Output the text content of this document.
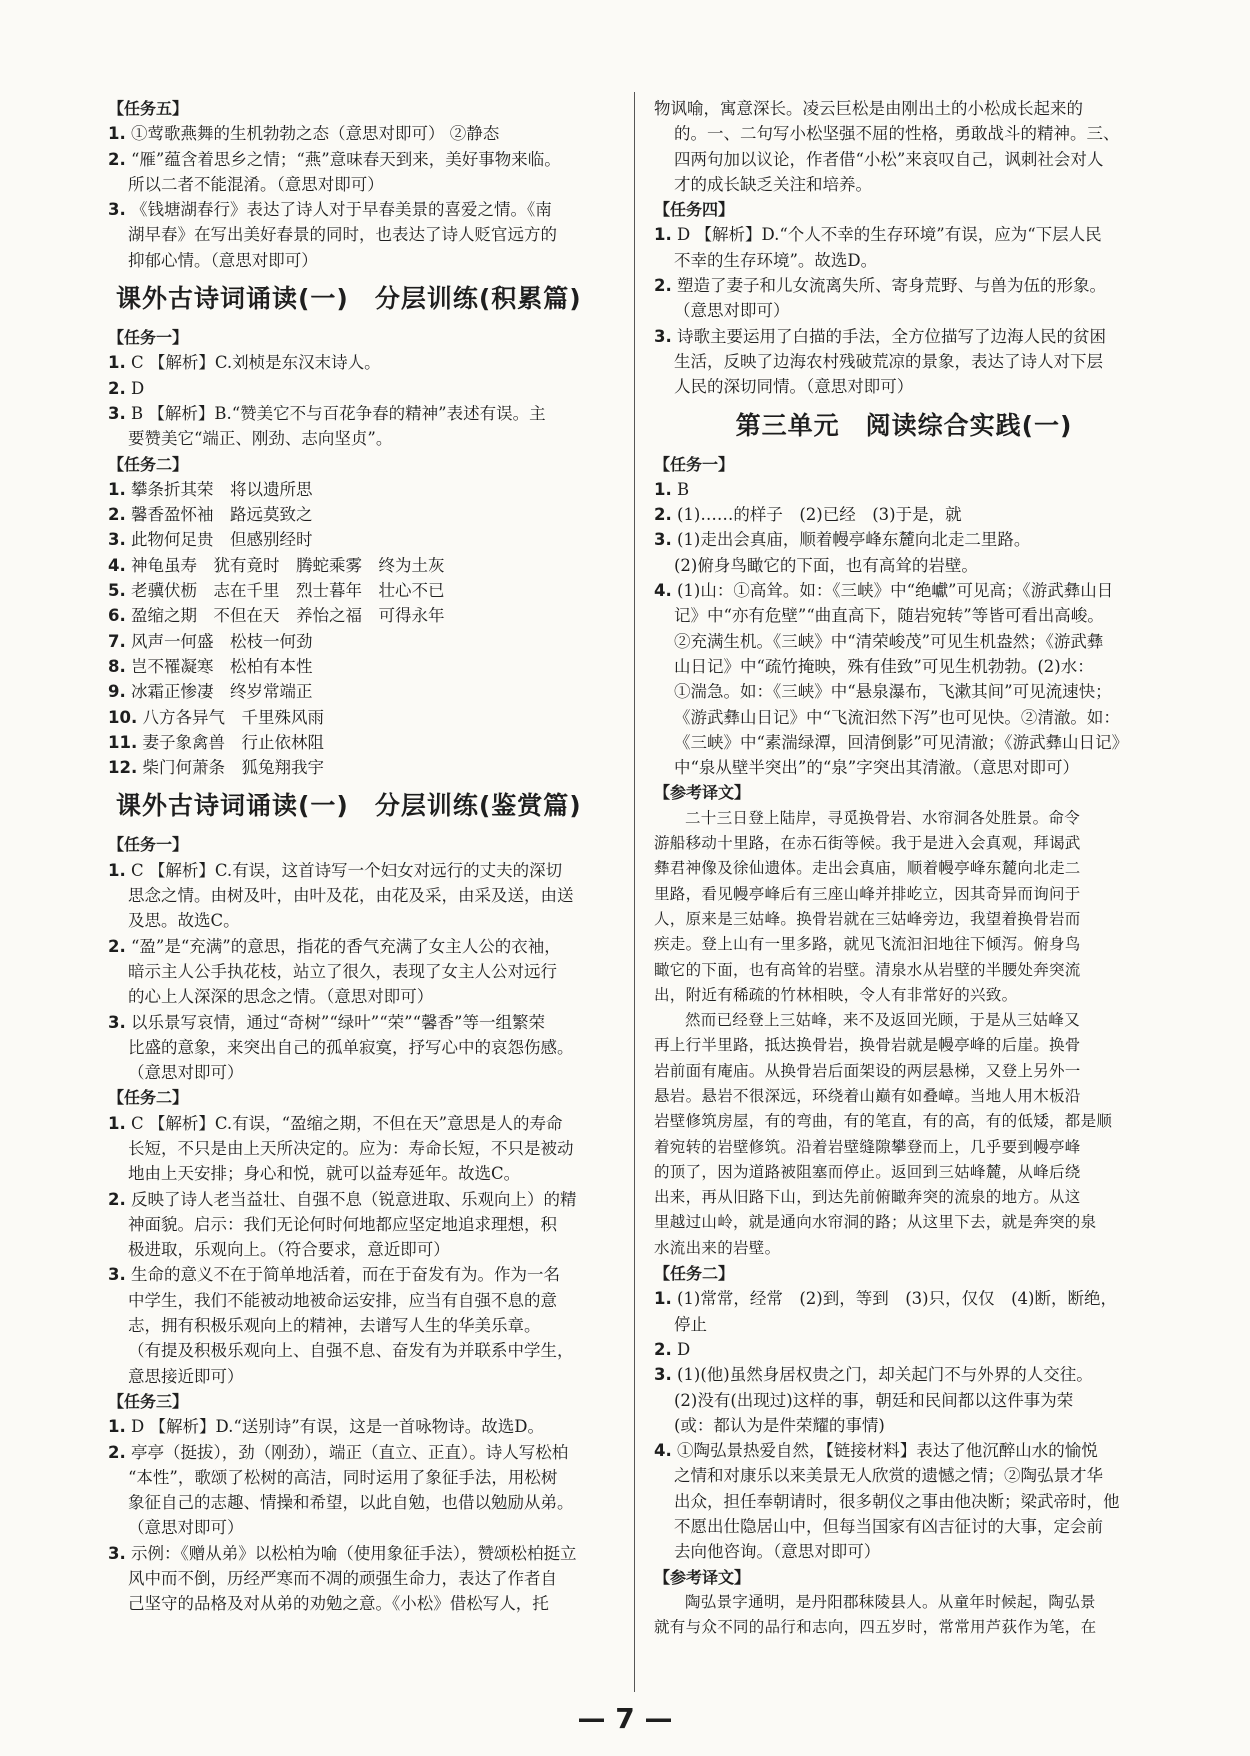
【任务五】
1. ①莺歌燕舞的生机勃勃之态（意思对即可） ②静态
2. “雁”蕴含着思乡之情；“燕”意味春天到来，美好事物来临。
所以二者不能混淆。（意思对即可）
3. 《钱塘湖春行》表达了诗人对于早春美景的喜爱之情。《南
湖早春》在写出美好春景的同时，也表达了诗人贬官远方的
抑郁心情。（意思对即可）
课外古诗词诵读(一)　分层训练(积累篇)
【任务一】
1. C 【解析】C.刘桢是东汉末诗人。
2. D
3. B 【解析】B.“赞美它不与百花争春的精神”表述有误。主
要赞美它“端正、刚劲、志向坚贞”。
【任务二】
1. 攀条折其荣　将以遗所思
2. 馨香盈怀袖　路远莫致之
3. 此物何足贵　但感别经时
4. 神龟虽寿　犹有竟时　腾蛇乘雾　终为土灰
5. 老骥伏枥　志在千里　烈士暮年　壮心不已
6. 盈缩之期　不但在天　养怡之福　可得永年
7. 风声一何盛　松枝一何劲
8. 岂不罹凝寒　松柏有本性
9. 冰霜正惨凄　终岁常端正
10. 八方各异气　千里殊风雨
11. 妻子象禽兽　行止依林阻
12. 柴门何萧条　狐兔翔我宇
课外古诗词诵读(一)　分层训练(鉴赏篇)
【任务一】
1. C 【解析】C.有误，这首诗写一个妇女对远行的丈夫的深切
思念之情。由树及叶，由叶及花，由花及采，由采及送，由送
及思。故选C。
2. “盈”是“充满”的意思，指花的香气充满了女主人公的衣袖，
暗示主人公手执花枝，站立了很久，表现了女主人公对远行
的心上人深深的思念之情。（意思对即可）
3. 以乐景写哀情，通过“奇树”“绿叶”“荣”“馨香”等一组繁荣
比盛的意象，来突出自己的孤单寂寞，抒写心中的哀怨伤感。
（意思对即可）
【任务二】
1. C 【解析】C.有误，“盈缩之期，不但在天”意思是人的寿命
长短，不只是由上天所决定的。应为：寿命长短，不只是被动
地由上天安排；身心和悦，就可以益寿延年。故选C。
2. 反映了诗人老当益壮、自强不息（锐意进取、乐观向上）的精
神面貌。启示：我们无论何时何地都应坚定地追求理想，积
极进取，乐观向上。（符合要求，意近即可）
3. 生命的意义不在于简单地活着，而在于奋发有为。作为一名
中学生，我们不能被动地被命运安排，应当有自强不息的意
志，拥有积极乐观向上的精神，去谱写人生的华美乐章。
（有提及积极乐观向上、自强不息、奋发有为并联系中学生，
意思接近即可）
【任务三】
1. D 【解析】D.“送别诗”有误，这是一首咏物诗。故选D。
2. 亭亭（挺拔），劲（刚劲），端正（直立、正直）。诗人写松柏
“本性”，歌颂了松树的高洁，同时运用了象征手法，用松树
象征自己的志趣、情操和希望，以此自勉，也借以勉励从弟。
（意思对即可）
3. 示例：《赠从弟》以松柏为喻（使用象征手法），赞颂松柏挺立
风中而不倒，历经严寒而不凋的顽强生命力，表达了作者自
己坚守的品格及对从弟的劝勉之意。《小松》借松写人，托
物讽喻，寓意深长。凌云巨松是由刚出土的小松成长起来的
的。一、二句写小松坚强不屈的性格，勇敢战斗的精神。三、
四两句加以议论，作者借“小松”来哀叹自己，讽刺社会对人
才的成长缺乏关注和培养。
【任务四】
1. D 【解析】D.“个人不幸的生存环境”有误，应为“下层人民
不幸的生存环境”。故选D。
2. 塑造了妻子和儿女流离失所、寄身荒野、与兽为伍的形象。
（意思对即可）
3. 诗歌主要运用了白描的手法，全方位描写了边海人民的贫困
生活，反映了边海农村残破荒凉的景象，表达了诗人对下层
人民的深切同情。（意思对即可）
第三单元　阅读综合实践(一)
【任务一】
1. B
2. (1)……的样子　(2)已经　(3)于是，就
3. (1)走出会真庙，顺着幔亭峰东麓向北走二里路。
(2)俯身鸟瞰它的下面，也有高耸的岩壁。
4. (1)山：①高耸。如：《三峡》中“绝巘”可见高；《游武彝山日
记》中“亦有危壁”“曲直高下，随岩宛转”等皆可看出高峻。
②充满生机。《三峡》中“清荣峻茂”可见生机盎然；《游武彝
山日记》中“疏竹掩映，殊有佳致”可见生机勃勃。(2)水：
①湍急。如：《三峡》中“悬泉瀑布，飞漱其间”可见流速快；
《游武彝山日记》中“飞流汩然下泻”也可见快。②清澈。如：
《三峡》中“素湍绿潭，回清倒影”可见清澈；《游武彝山日记》
中“泉从壁半突出”的“泉”字突出其清澈。（意思对即可）
【参考译文】
二十三日登上陆岸，寻觅换骨岩、水帘洞各处胜景。命令
游船移动十里路，在赤石街等候。我于是进入会真观，拜谒武
彝君神像及徐仙遗体。走出会真庙，顺着幔亭峰东麓向北走二
里路，看见幔亭峰后有三座山峰并排屹立，因其奇异而询问于
人，原来是三姑峰。换骨岩就在三姑峰旁边，我望着换骨岩而
疾走。登上山有一里多路，就见飞流汩汩地往下倾泻。俯身鸟
瞰它的下面，也有高耸的岩壁。清泉水从岩壁的半腰处奔突流
出，附近有稀疏的竹林相映，令人有非常好的兴致。
然而已经登上三姑峰，来不及返回光顾，于是从三姑峰又
再上行半里路，抵达换骨岩，换骨岩就是幔亭峰的后崖。换骨
岩前面有庵庙。从换骨岩后面架设的两层悬梯，又登上另外一
悬岩。悬岩不很深远，环绕着山巅有如叠嶂。当地人用木板沿
岩壁修筑房屋，有的弯曲，有的笔直，有的高，有的低矮，都是顺
着宛转的岩壁修筑。沿着岩壁缝隙攀登而上，几乎要到幔亭峰
的顶了，因为道路被阻塞而停止。返回到三姑峰麓，从峰后绕
出来，再从旧路下山，到达先前俯瞰奔突的流泉的地方。从这
里越过山岭，就是通向水帘洞的路；从这里下去，就是奔突的泉
水流出来的岩壁。
【任务二】
1. (1)常常，经常　(2)到，等到　(3)只，仅仅　(4)断，断绝，
停止
2. D
3. (1)(他)虽然身居权贵之门，却关起门不与外界的人交往。
(2)没有(出现过)这样的事，朝廷和民间都以这件事为荣
(或：都认为是件荣耀的事情)
4. ①陶弘景热爱自然，【链接材料】表达了他沉醉山水的愉悦
之情和对康乐以来美景无人欣赏的遗憾之情；②陶弘景才华
出众，担任奉朝请时，很多朝仪之事由他决断；梁武帝时，他
不愿出仕隐居山中，但每当国家有凶吉征讨的大事，定会前
去向他咨询。（意思对即可）
【参考译文】
陶弘景字通明，是丹阳郡秣陵县人。从童年时候起，陶弘景
就有与众不同的品行和志向，四五岁时，常常用芦荻作为笔，在
— 7 —
